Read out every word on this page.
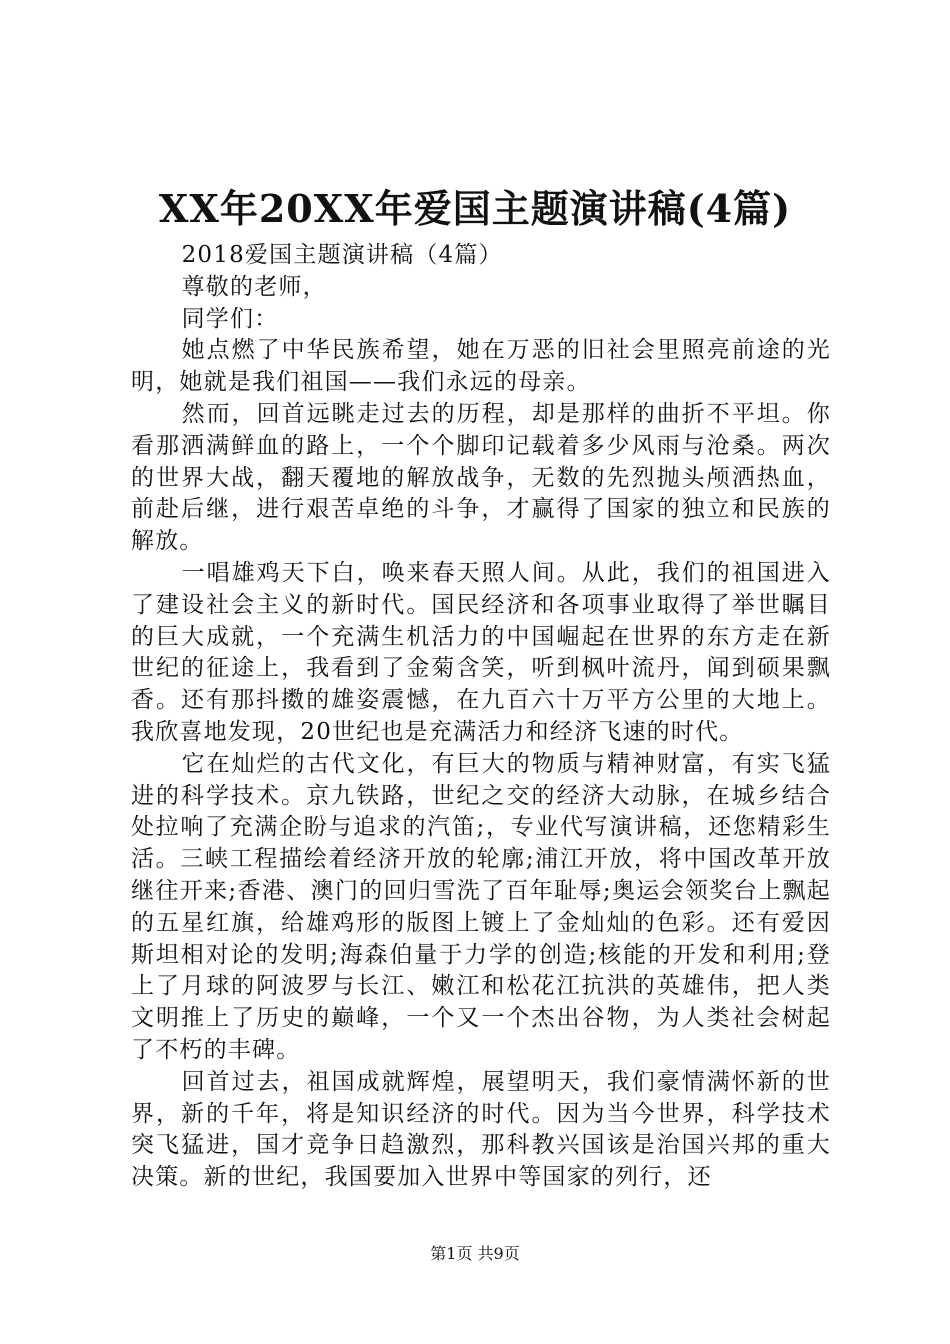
XX年20XX年爱国主题演讲稿(4篇)

2018爱国主题演讲稿（4篇）

尊敬的老师，

同学们：

她点燃了中华民族希望，她在万恶的旧社会里照亮前途的光明，她就是我们祖国——我们永远的母亲。

然而，回首远眺走过去的历程，却是那样的曲折不平坦。你看那洒满鲜血的路上，一个个脚印记载着多少风雨与沧桑。两次的世界大战，翻天覆地的解放战争，无数的先烈抛头颅洒热血，前赴后继，进行艰苦卓绝的斗争，才赢得了国家的独立和民族的解放。

一唱雄鸡天下白，唤来春天照人间。从此，我们的祖国进入了建设社会主义的新时代。国民经济和各项事业取得了举世瞩目的巨大成就，一个充满生机活力的中国崛起在世界的东方走在新世纪的征途上，我看到了金菊含笑，听到枫叶流丹，闻到硕果飘香。还有那抖擞的雄姿震憾，在九百六十万平方公里的大地上。我欣喜地发现，20世纪也是充满活力和经济飞速的时代。

它在灿烂的古代文化，有巨大的物质与精神财富，有实飞猛进的科学技术。京九铁路，世纪之交的经济大动脉，在城乡结合处拉响了充满企盼与追求的汽笛;，专业代写演讲稿，还您精彩生活。三峡工程描绘着经济开放的轮廓;浦江开放，将中国改革开放继往开来;香港、澳门的回归雪洗了百年耻辱;奥运会领奖台上飘起的五星红旗，给雄鸡形的版图上镀上了金灿灿的色彩。还有爱因斯坦相对论的发明;海森伯量于力学的创造;核能的开发和利用;登上了月球的阿波罗与长江、嫩江和松花江抗洪的英雄伟，把人类文明推上了历史的巅峰，一个又一个杰出谷物，为人类社会树起了不朽的丰碑。

回首过去，祖国成就辉煌，展望明天，我们豪情满怀新的世界，新的千年，将是知识经济的时代。因为当今世界，科学技术突飞猛进，国才竞争日趋激烈，那科教兴国该是治国兴邦的重大决策。新的世纪，我国要加入世界中等国家的列行，还

第1页 共9页
